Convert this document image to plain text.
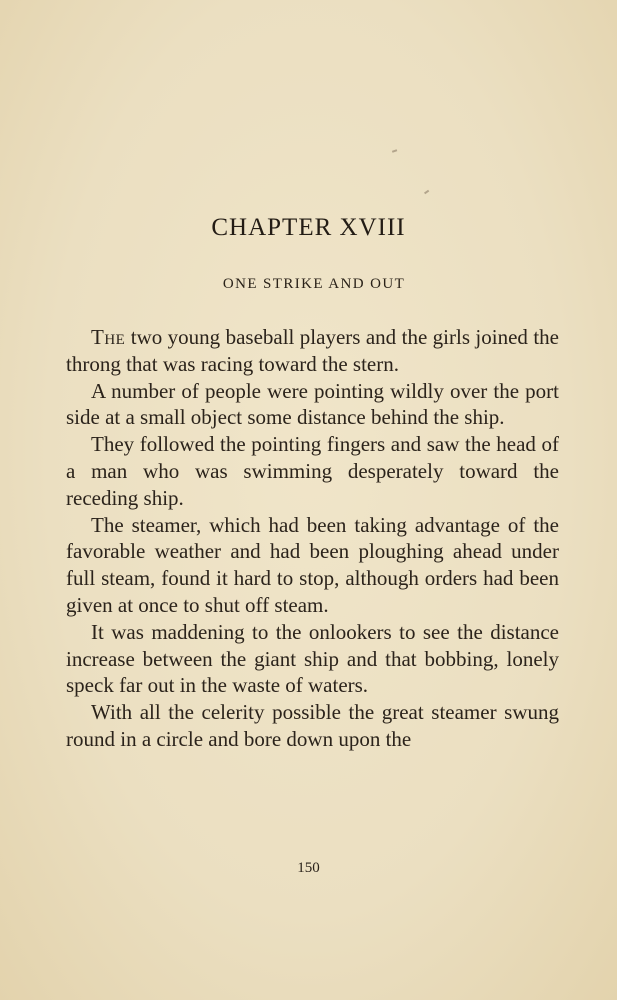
CHAPTER XVIII
ONE STRIKE AND OUT

The two young baseball players and the girls joined the throng that was racing toward the stern.

A number of people were pointing wildly over the port side at a small object some distance behind the ship.

They followed the pointing fingers and saw the head of a man who was swimming desperately toward the receding ship.

The steamer, which had been taking advantage of the favorable weather and had been ploughing ahead under full steam, found it hard to stop, although orders had been given at once to shut off steam.

It was maddening to the onlookers to see the distance increase between the giant ship and that bobbing, lonely speck far out in the waste of waters.

With all the celerity possible the great steamer swung round in a circle and bore down upon the

150
